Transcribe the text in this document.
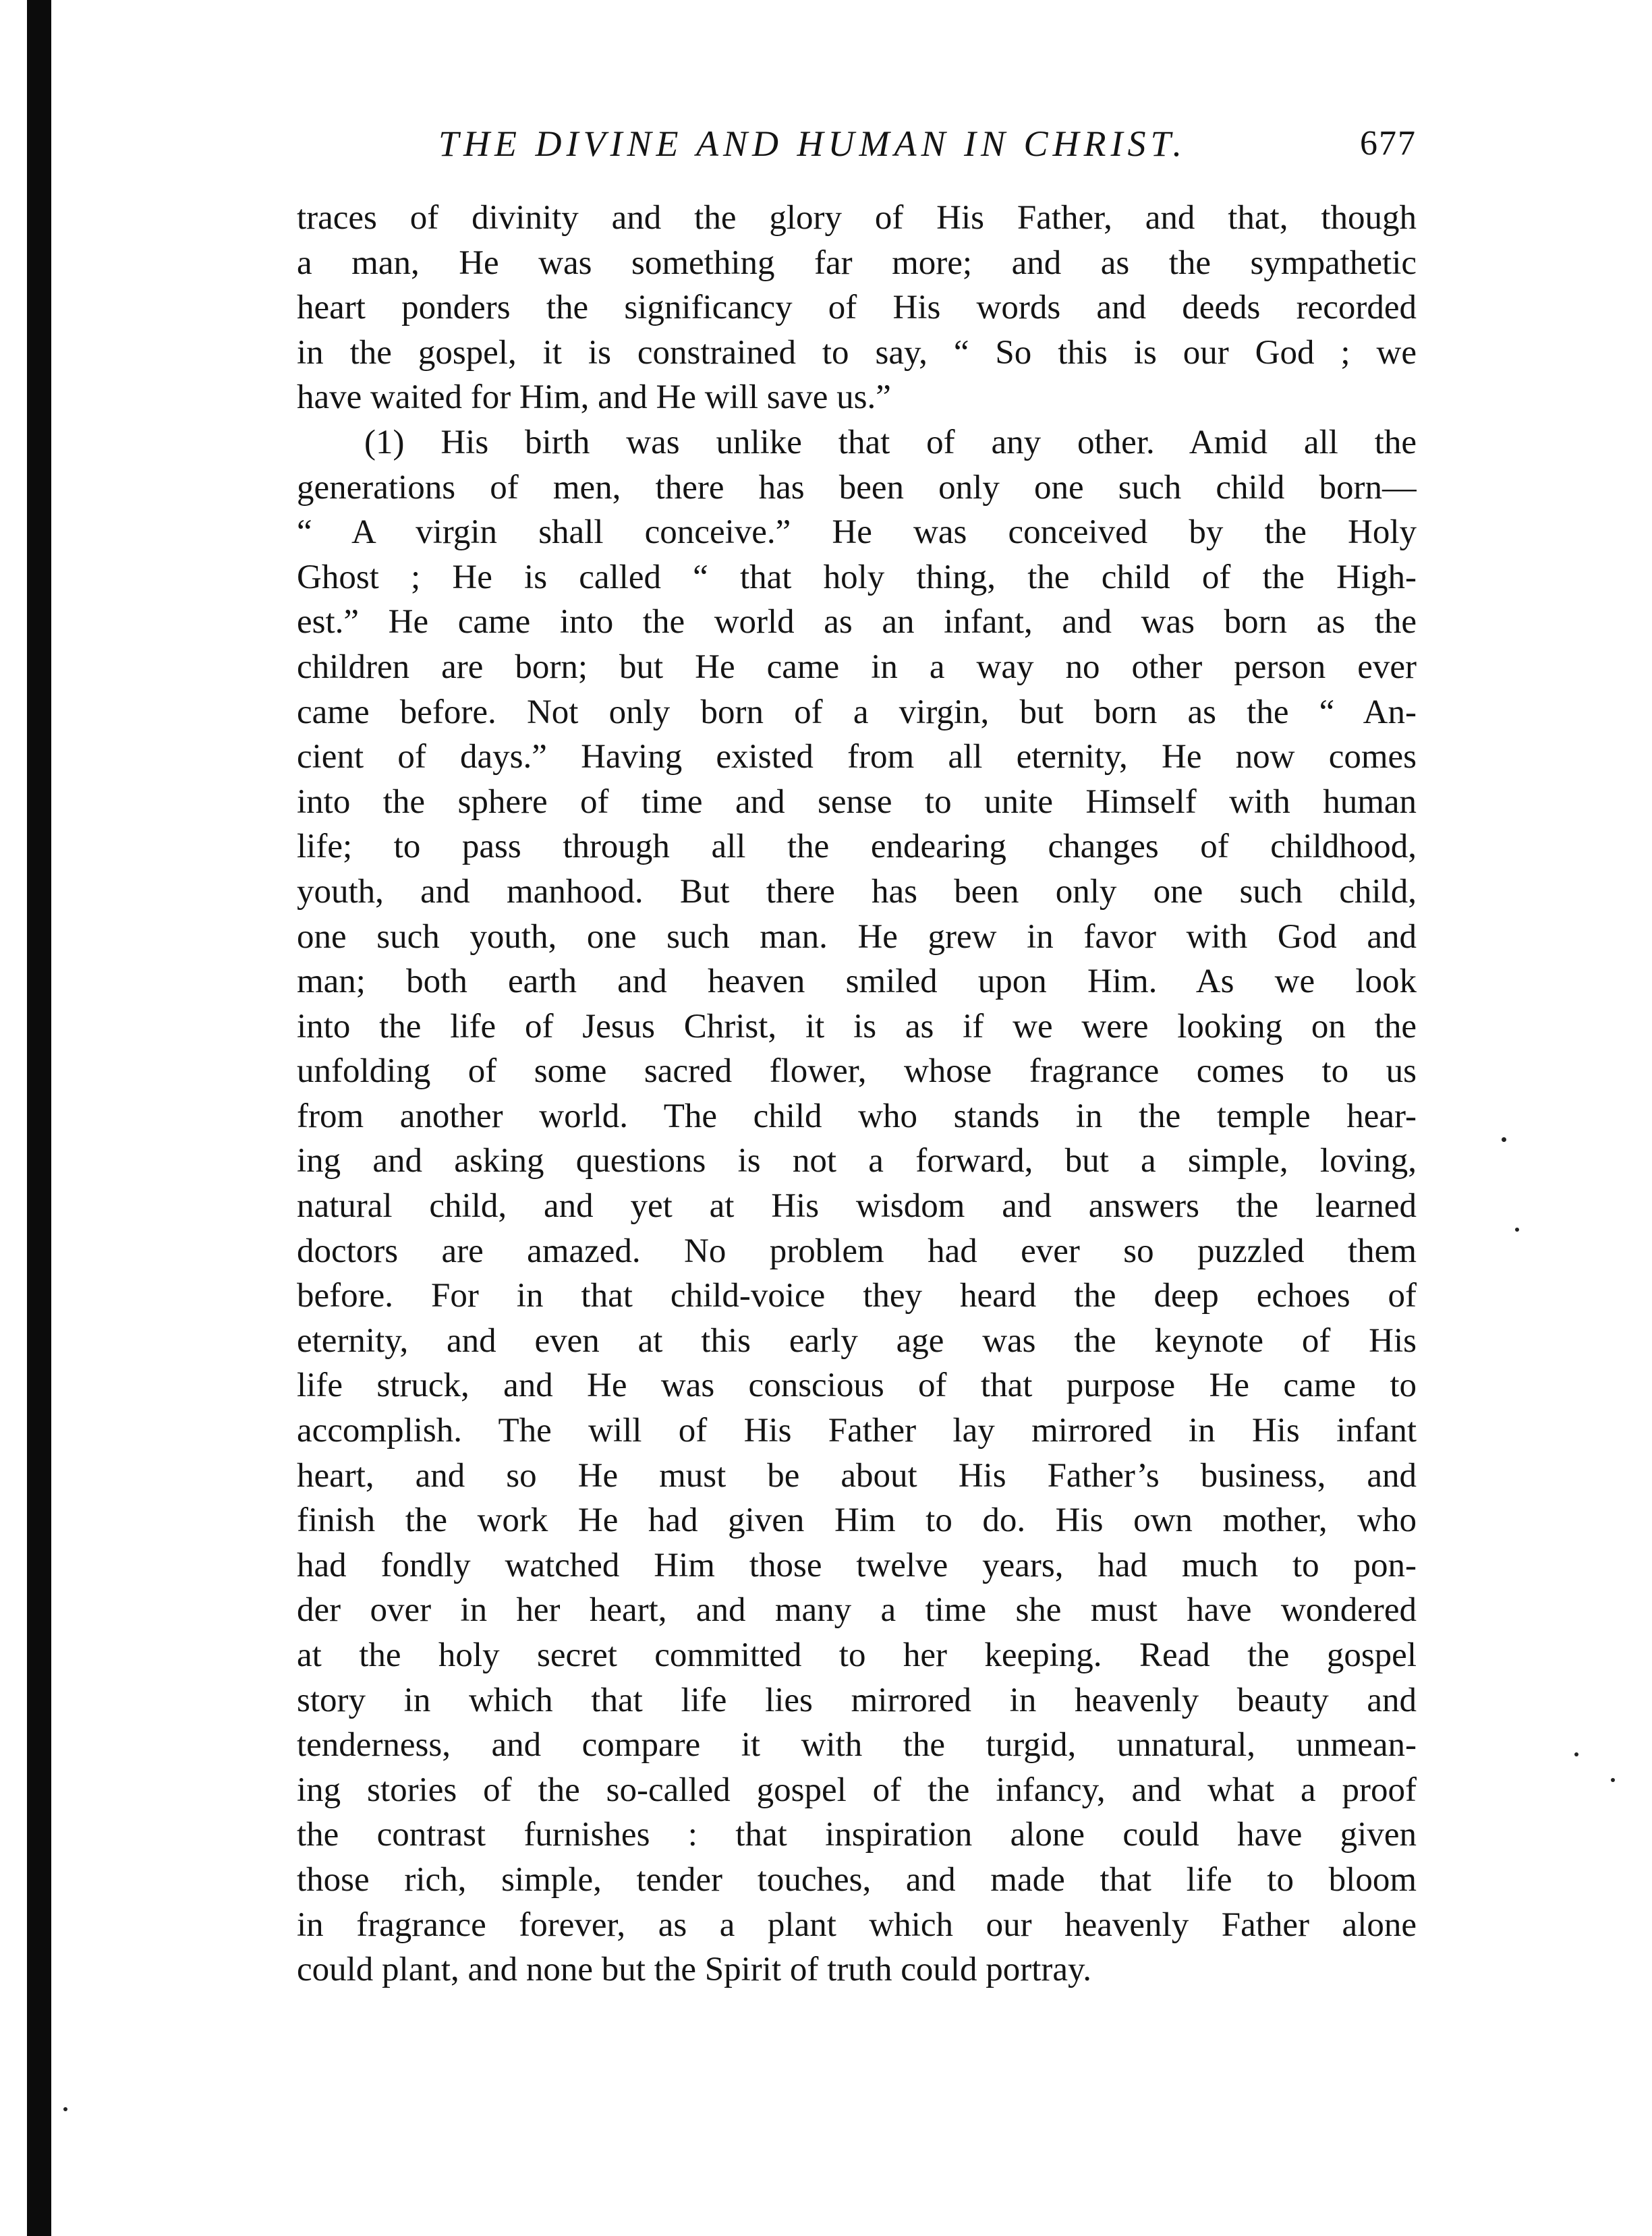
THE DIVINE AND HUMAN IN CHRIST.	677
traces of divinity and the glory of His Father, and that, though
a man, He was something far more; and as the sympathetic
heart ponders the significancy of His words and deeds recorded
in the gospel, it is constrained to say, “ So this is our God ; we
have waited for Him, and He will save us.”
(1) His birth was unlike that of any other. Amid all the
generations of men, there has been only one such child born—
“ A virgin shall conceive.” He was conceived by the Holy
Ghost ; He is called “ that holy thing, the child of the High-
est.” He came into the world as an infant, and was born as the
children are born; but He came in a way no other person ever
came before. Not only born of a virgin, but born as the “ An-
cient of days.” Having existed from all eternity, He now comes
into the sphere of time and sense to unite Himself with human
life; to pass through all the endearing changes of childhood,
youth, and manhood. But there has been only one such child,
one such youth, one such man. He grew in favor with God and
man; both earth and heaven smiled upon Him. As we look
into the life of Jesus Christ, it is as if we were looking on the
unfolding of some sacred flower, whose fragrance comes to us
from another world. The child who stands in the temple hear-
ing and asking questions is not a forward, but a simple, loving,
natural child, and yet at His wisdom and answers the learned
doctors are amazed. No problem had ever so puzzled them
before. For in that child-voice they heard the deep echoes of
eternity, and even at this early age was the keynote of His
life struck, and He was conscious of that purpose He came to
accomplish. The will of His Father lay mirrored in His infant
heart, and so He must be about His Father’s business, and
finish the work He had given Him to do. His own mother, who
had fondly watched Him those twelve years, had much to pon-
der over in her heart, and many a time she must have wondered
at the holy secret committed to her keeping. Read the gospel
story in which that life lies mirrored in heavenly beauty and
tenderness, and compare it with the turgid, unnatural, unmean-
ing stories of the so-called gospel of the infancy, and what a proof
the contrast furnishes : that inspiration alone could have given
those rich, simple, tender touches, and made that life to bloom
in fragrance forever, as a plant which our heavenly Father alone
could plant, and none but the Spirit of truth could portray.
